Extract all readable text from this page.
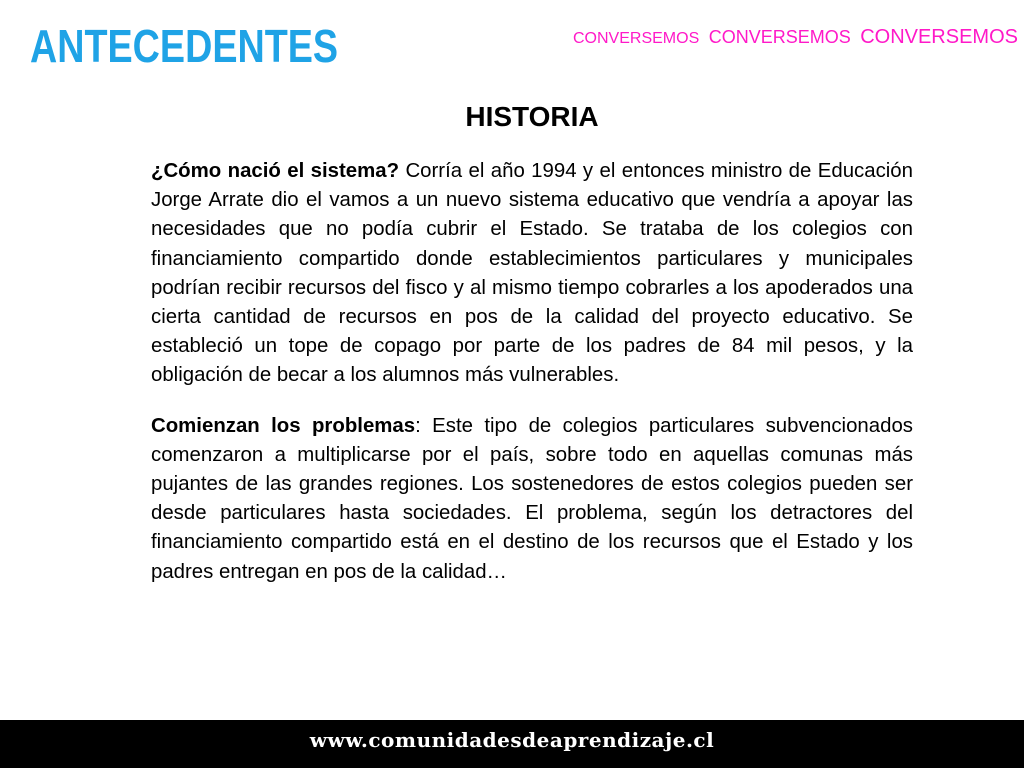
ANTECEDENTES	CONVERSEMOS CONVERSEMOS CONVERSEMOS
HISTORIA

¿Cómo nació el sistema? Corría el año 1994 y el entonces ministro de Educación Jorge Arrate dio el vamos a un nuevo sistema educativo que vendría a apoyar las necesidades que no podía cubrir el Estado. Se trataba de los colegios con financiamiento compartido donde establecimientos particulares y municipales podrían recibir recursos del fisco y al mismo tiempo cobrarles a los apoderados una cierta cantidad de recursos en pos de la calidad del proyecto educativo. Se estableció un tope de copago por parte de los padres de 84 mil pesos, y la obligación de becar a los alumnos más vulnerables.

Comienzan los problemas: Este tipo de colegios particulares subvencionados comenzaron a multiplicarse por el país, sobre todo en aquellas comunas más pujantes de las grandes regiones. Los sostenedores de estos colegios pueden ser desde particulares hasta sociedades. El problema, según los detractores del financiamiento compartido está en el destino de los recursos que el Estado y los padres entregan en pos de la calidad…

www.comunidadesdeaprendizaje.cl
